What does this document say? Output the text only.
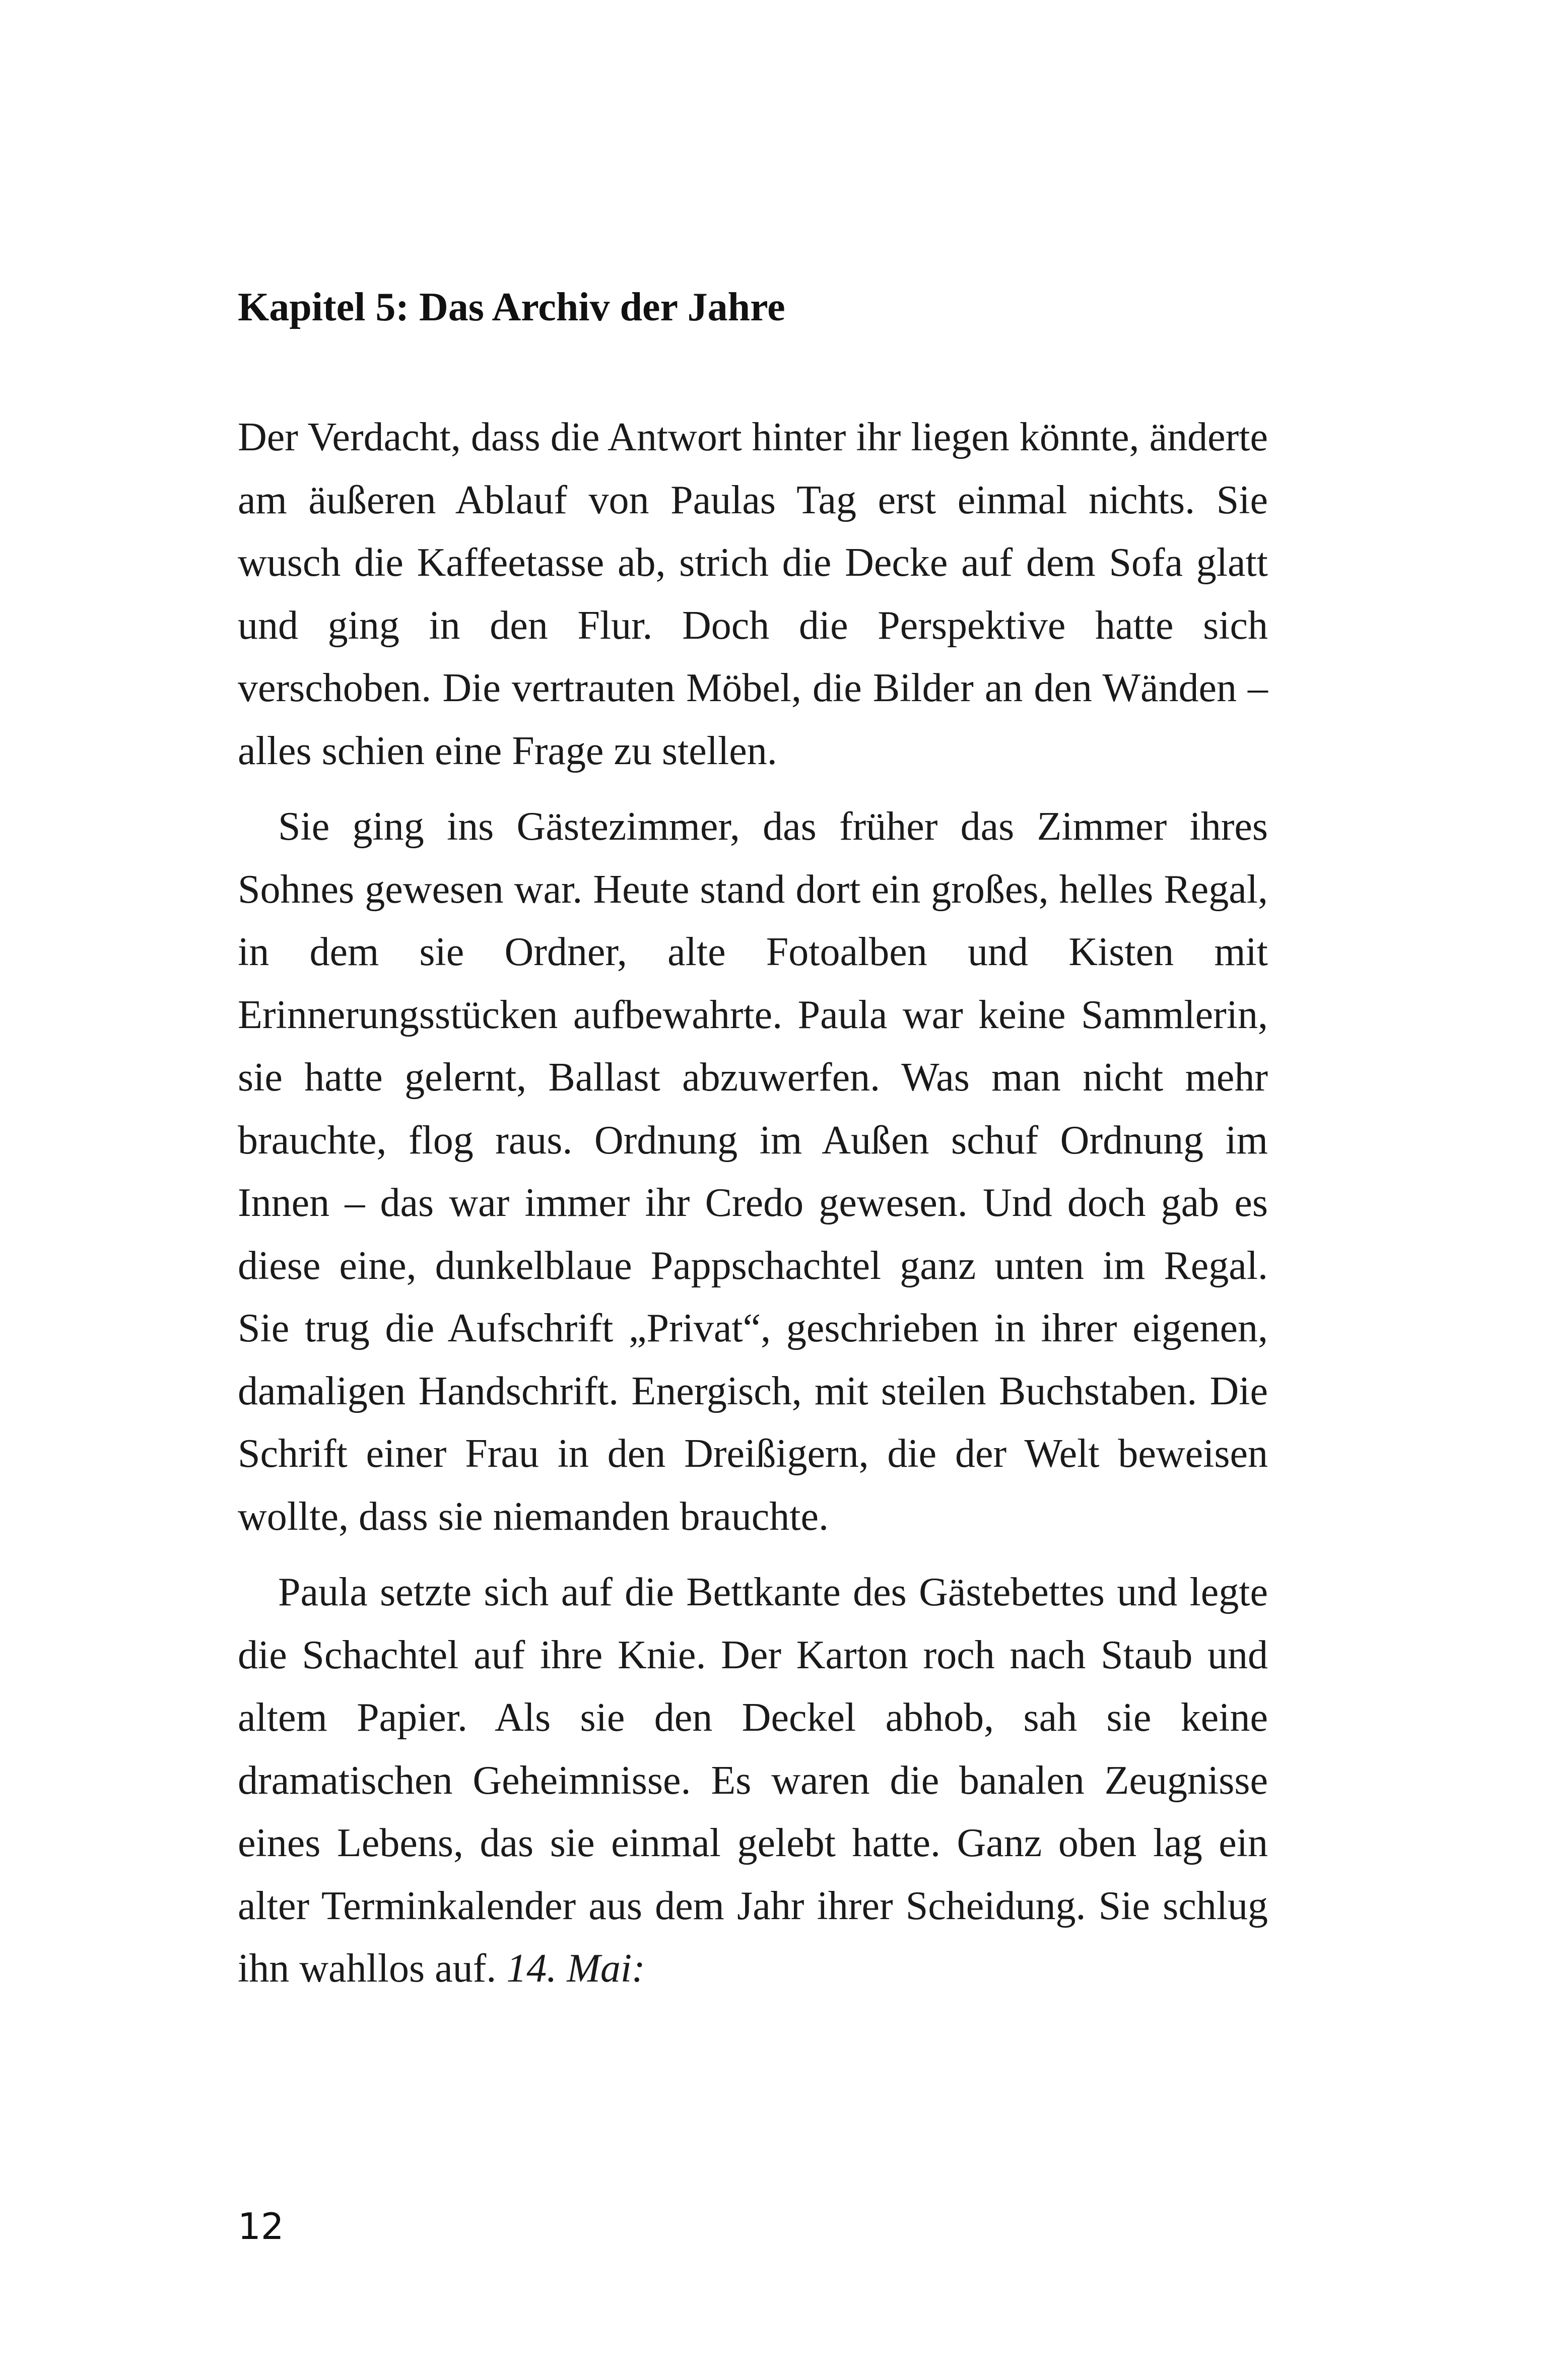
Kapitel 5: Das Archiv der Jahre

Der Verdacht, dass die Antwort hinter ihr liegen könnte, änderte am äußeren Ablauf von Paulas Tag erst einmal nichts. Sie wusch die Kaffeetasse ab, strich die Decke auf dem Sofa glatt und ging in den Flur. Doch die Perspektive hatte sich verschoben. Die vertrauten Möbel, die Bilder an den Wänden – alles schien eine Frage zu stellen.

Sie ging ins Gästezimmer, das früher das Zimmer ihres Sohnes gewesen war. Heute stand dort ein großes, helles Regal, in dem sie Ordner, alte Fotoalben und Kisten mit Erinnerungsstücken aufbewahrte. Paula war keine Sammlerin, sie hatte gelernt, Ballast abzuwerfen. Was man nicht mehr brauchte, flog raus. Ordnung im Außen schuf Ordnung im Innen – das war immer ihr Credo gewesen. Und doch gab es diese eine, dunkelblaue Pappschachtel ganz unten im Regal. Sie trug die Aufschrift „Privat“, geschrieben in ihrer eigenen, damaligen Handschrift. Energisch, mit steilen Buchstaben. Die Schrift einer Frau in den Dreißigern, die der Welt beweisen wollte, dass sie niemanden brauchte.

Paula setzte sich auf die Bettkante des Gästebettes und legte die Schachtel auf ihre Knie. Der Karton roch nach Staub und altem Papier. Als sie den Deckel abhob, sah sie keine dramatischen Geheimnisse. Es waren die banalen Zeugnisse eines Lebens, das sie einmal gelebt hatte. Ganz oben lag ein alter Terminkalender aus dem Jahr ihrer Scheidung. Sie schlug ihn wahllos auf. 14. Mai:

12
